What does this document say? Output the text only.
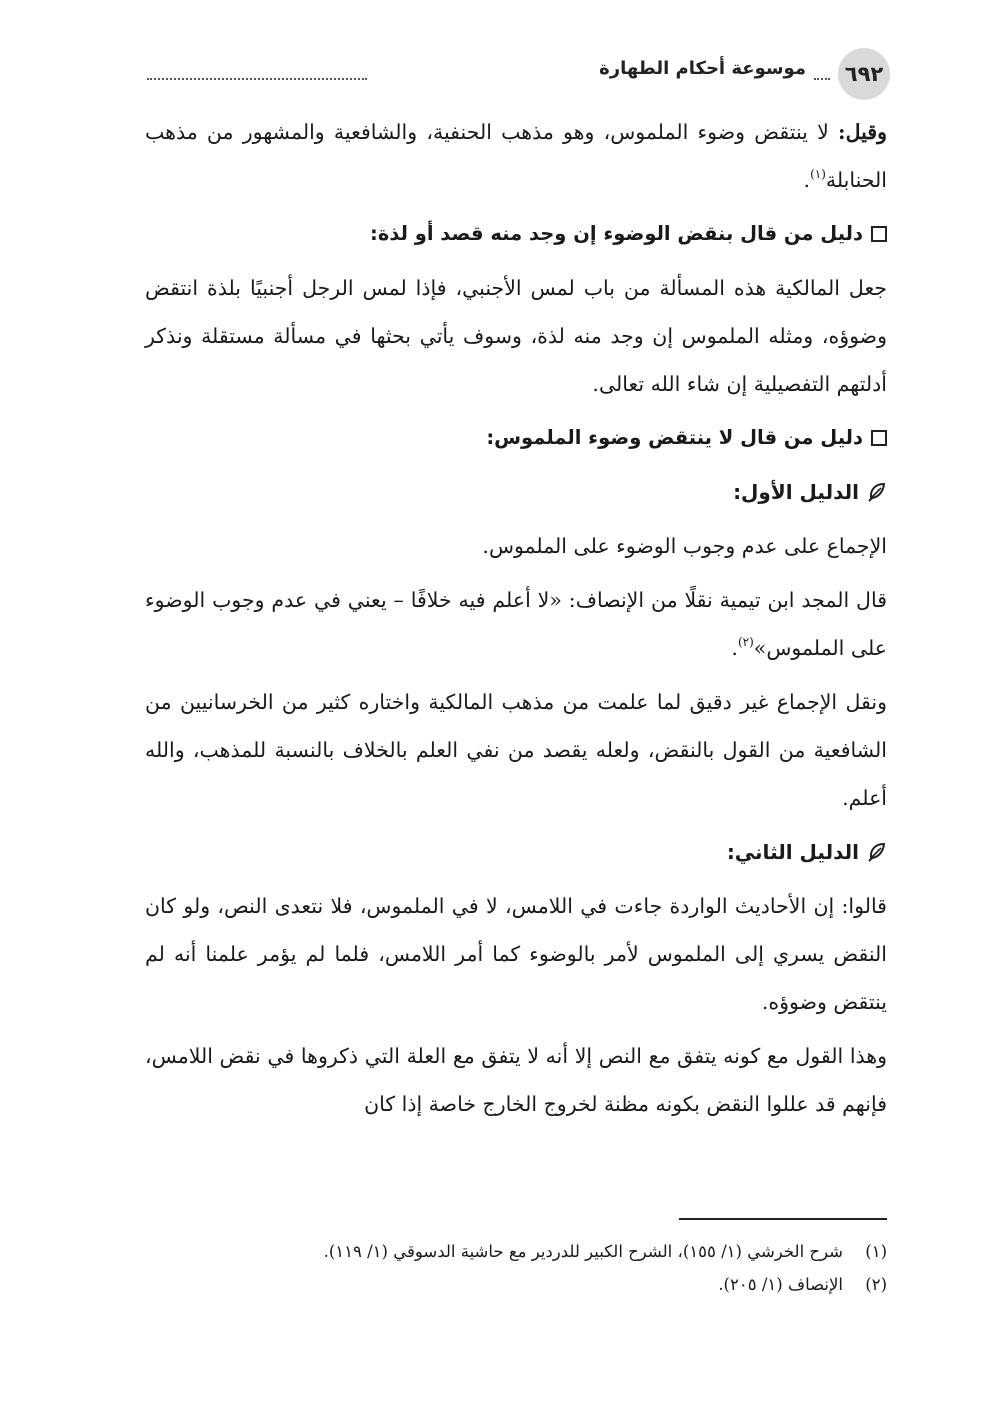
٦٩٢
موسوعة أحكام الطهارة

وقيل: لا ينتقض وضوء الملموس، وهو مذهب الحنفية، والشافعية والمشهور من مذهب الحنابلة$^{(١)}$.

دليل من قال بنقض الوضوء إن وجد منه قصد أو لذة:

جعل المالكية هذه المسألة من باب لمس الأجنبي، فإذا لمس الرجل أجنبيًا بلذة انتقض وضوؤه، ومثله الملموس إن وجد منه لذة، وسوف يأتي بحثها في مسألة مستقلة ونذكر أدلتهم التفصيلية إن شاء الله تعالى.

دليل من قال لا ينتقض وضوء الملموس:
الدليل الأول:

الإجماع على عدم وجوب الوضوء على الملموس.

قال المجد ابن تيمية نقلًا من الإنصاف: «لا أعلم فيه خلافًا – يعني في عدم وجوب الوضوء على الملموس»$^{(٢)}$.

ونقل الإجماع غير دقيق لما علمت من مذهب المالكية واختاره كثير من الخرسانيين من الشافعية من القول بالنقض، ولعله يقصد من نفي العلم بالخلاف بالنسبة للمذهب، والله أعلم.

الدليل الثاني:

قالوا: إن الأحاديث الواردة جاءت في اللامس، لا في الملموس، فلا نتعدى النص، ولو كان النقض يسري إلى الملموس لأمر بالوضوء كما أمر اللامس، فلما لم يؤمر علمنا أنه لم ينتقض وضوؤه.

وهذا القول مع كونه يتفق مع النص إلا أنه لا يتفق مع العلة التي ذكروها في نقض اللامس، فإنهم قد عللوا النقض بكونه مظنة لخروج الخارج خاصة إذا كان

(١)
شرح الخرشي (١/ ١٥٥)، الشرح الكبير للدردير مع حاشية الدسوقي (١/ ١١٩).
(٢)
الإنصاف (١/ ٢٠٥).
